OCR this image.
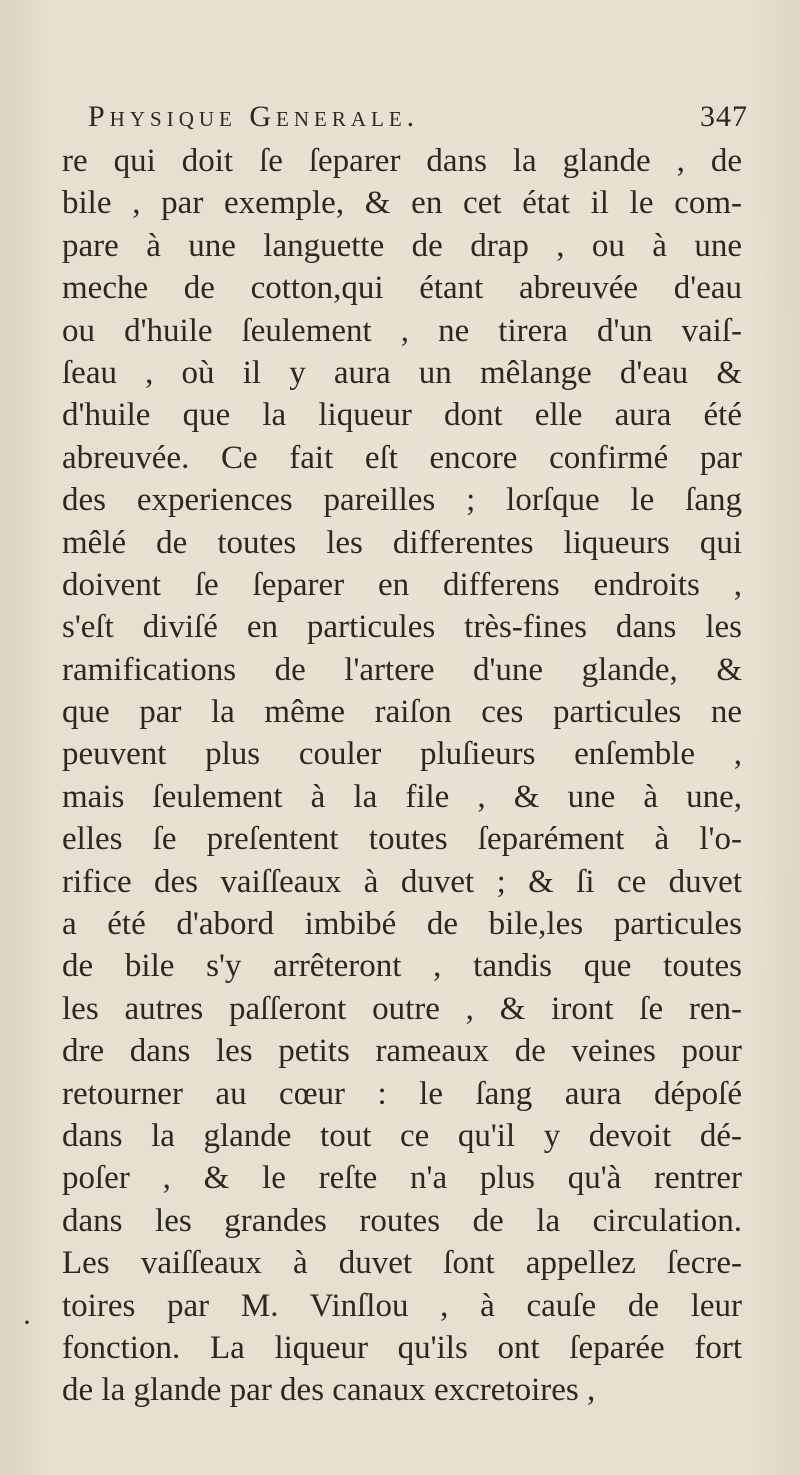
Physique Generale.	347
re qui doit ſe ſeparer dans la glande , de
bile , par exemple, & en cet état il le com-
pare à une languette de drap , ou à une
meche de cotton,qui étant abreuvée d'eau
ou d'huile ſeulement , ne tirera d'un vaiſ-
ſeau , où il y aura un mêlange d'eau &
d'huile que la liqueur dont elle aura été
abreuvée. Ce fait eſt encore confirmé par
des experiences pareilles ; lorſque le ſang
mêlé de toutes les differentes liqueurs qui
doivent ſe ſeparer en differens endroits ,
s'eſt diviſé en particules très-fines dans les
ramifications de l'artere d'une glande, &
que par la même raiſon ces particules ne
peuvent plus couler pluſieurs enſemble ,
mais ſeulement à la file , & une à une,
elles ſe preſentent toutes ſeparément à l'o-
rifice des vaiſſeaux à duvet ; & ſi ce duvet
a été d'abord imbibé de bile,les particules
de bile s'y arrêteront , tandis que toutes
les autres paſſeront outre , & iront ſe ren-
dre dans les petits rameaux de veines pour
retourner au cœur : le ſang aura dépoſé
dans la glande tout ce qu'il y devoit dé-
poſer , & le reſte n'a plus qu'à rentrer
dans les grandes routes de la circulation.
Les vaiſſeaux à duvet ſont appellez ſecre-
toires par M. Vinſlou , à cauſe de leur
fonction. La liqueur qu'ils ont ſeparée fort
de la glande par des canaux excretoires ,
·
